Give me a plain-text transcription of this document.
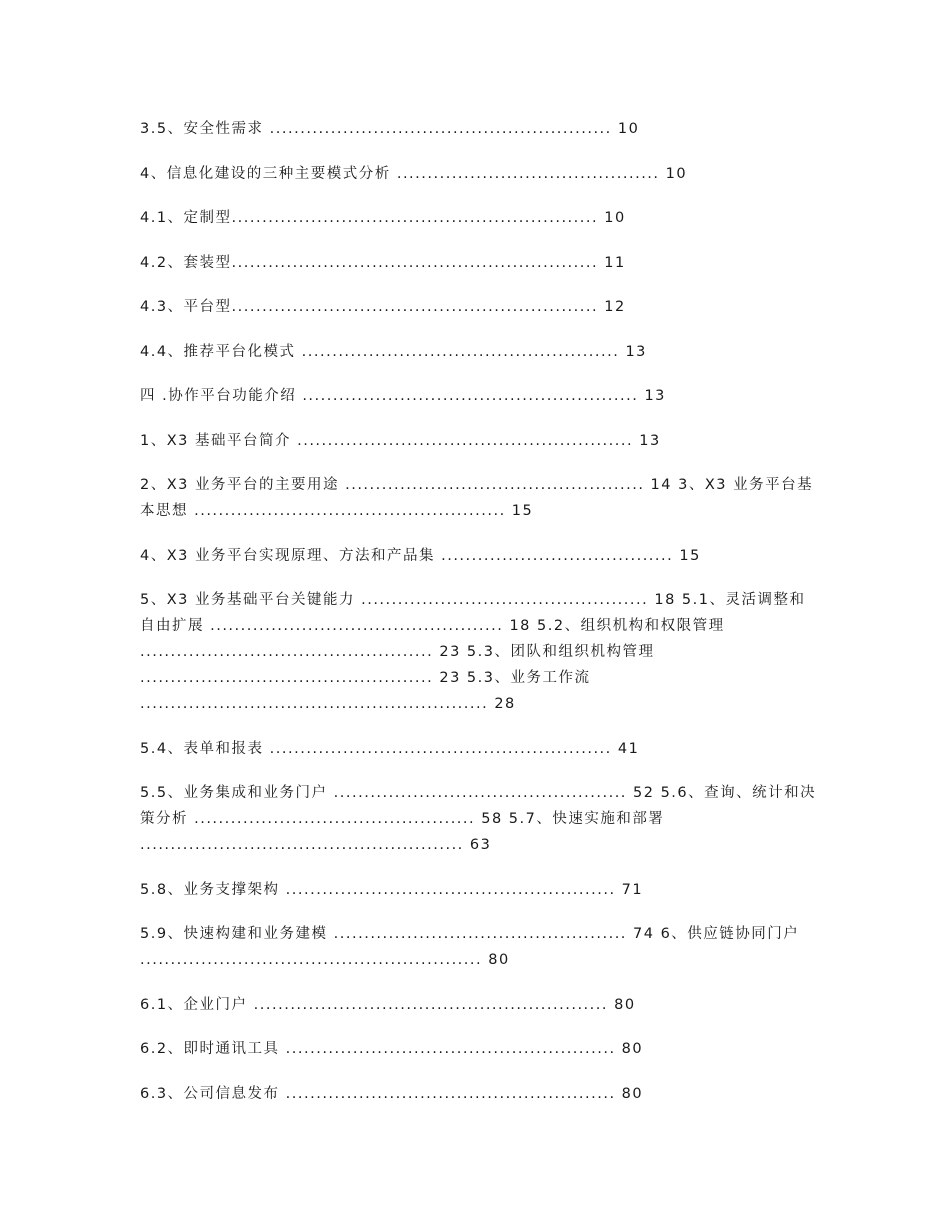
3.5、安全性需求 ........................................................ 10
4、信息化建设的三种主要模式分析 ........................................... 10
4.1、定制型............................................................ 10
4.2、套装型............................................................ 11
4.3、平台型............................................................ 12
4.4、推荐平台化模式 .................................................... 13
四 .协作平台功能介绍 ....................................................... 13
1、X3 基础平台简介 ....................................................... 13
2、X3 业务平台的主要用途 ................................................. 14 3、X3 业务平台基本思想 ................................................... 15
4、X3 业务平台实现原理、方法和产品集 ...................................... 15
5、X3 业务基础平台关键能力 ............................................... 18 5.1、灵活调整和自由扩展 ................................................ 18 5.2、组织机构和权限管理 ................................................ 23 5.3、团队和组织机构管理 ................................................ 23 5.3、业务工作流 ......................................................... 28
5.4、表单和报表 ........................................................ 41
5.5、业务集成和业务门户 ................................................ 52 5.6、查询、统计和决策分析 .............................................. 58 5.7、快速实施和部署 ..................................................... 63
5.8、业务支撑架构 ...................................................... 71
5.9、快速构建和业务建模 ................................................ 74 6、供应链协同门户 ........................................................ 80
6.1、企业门户 .......................................................... 80
6.2、即时通讯工具 ...................................................... 80
6.3、公司信息发布 ...................................................... 80
